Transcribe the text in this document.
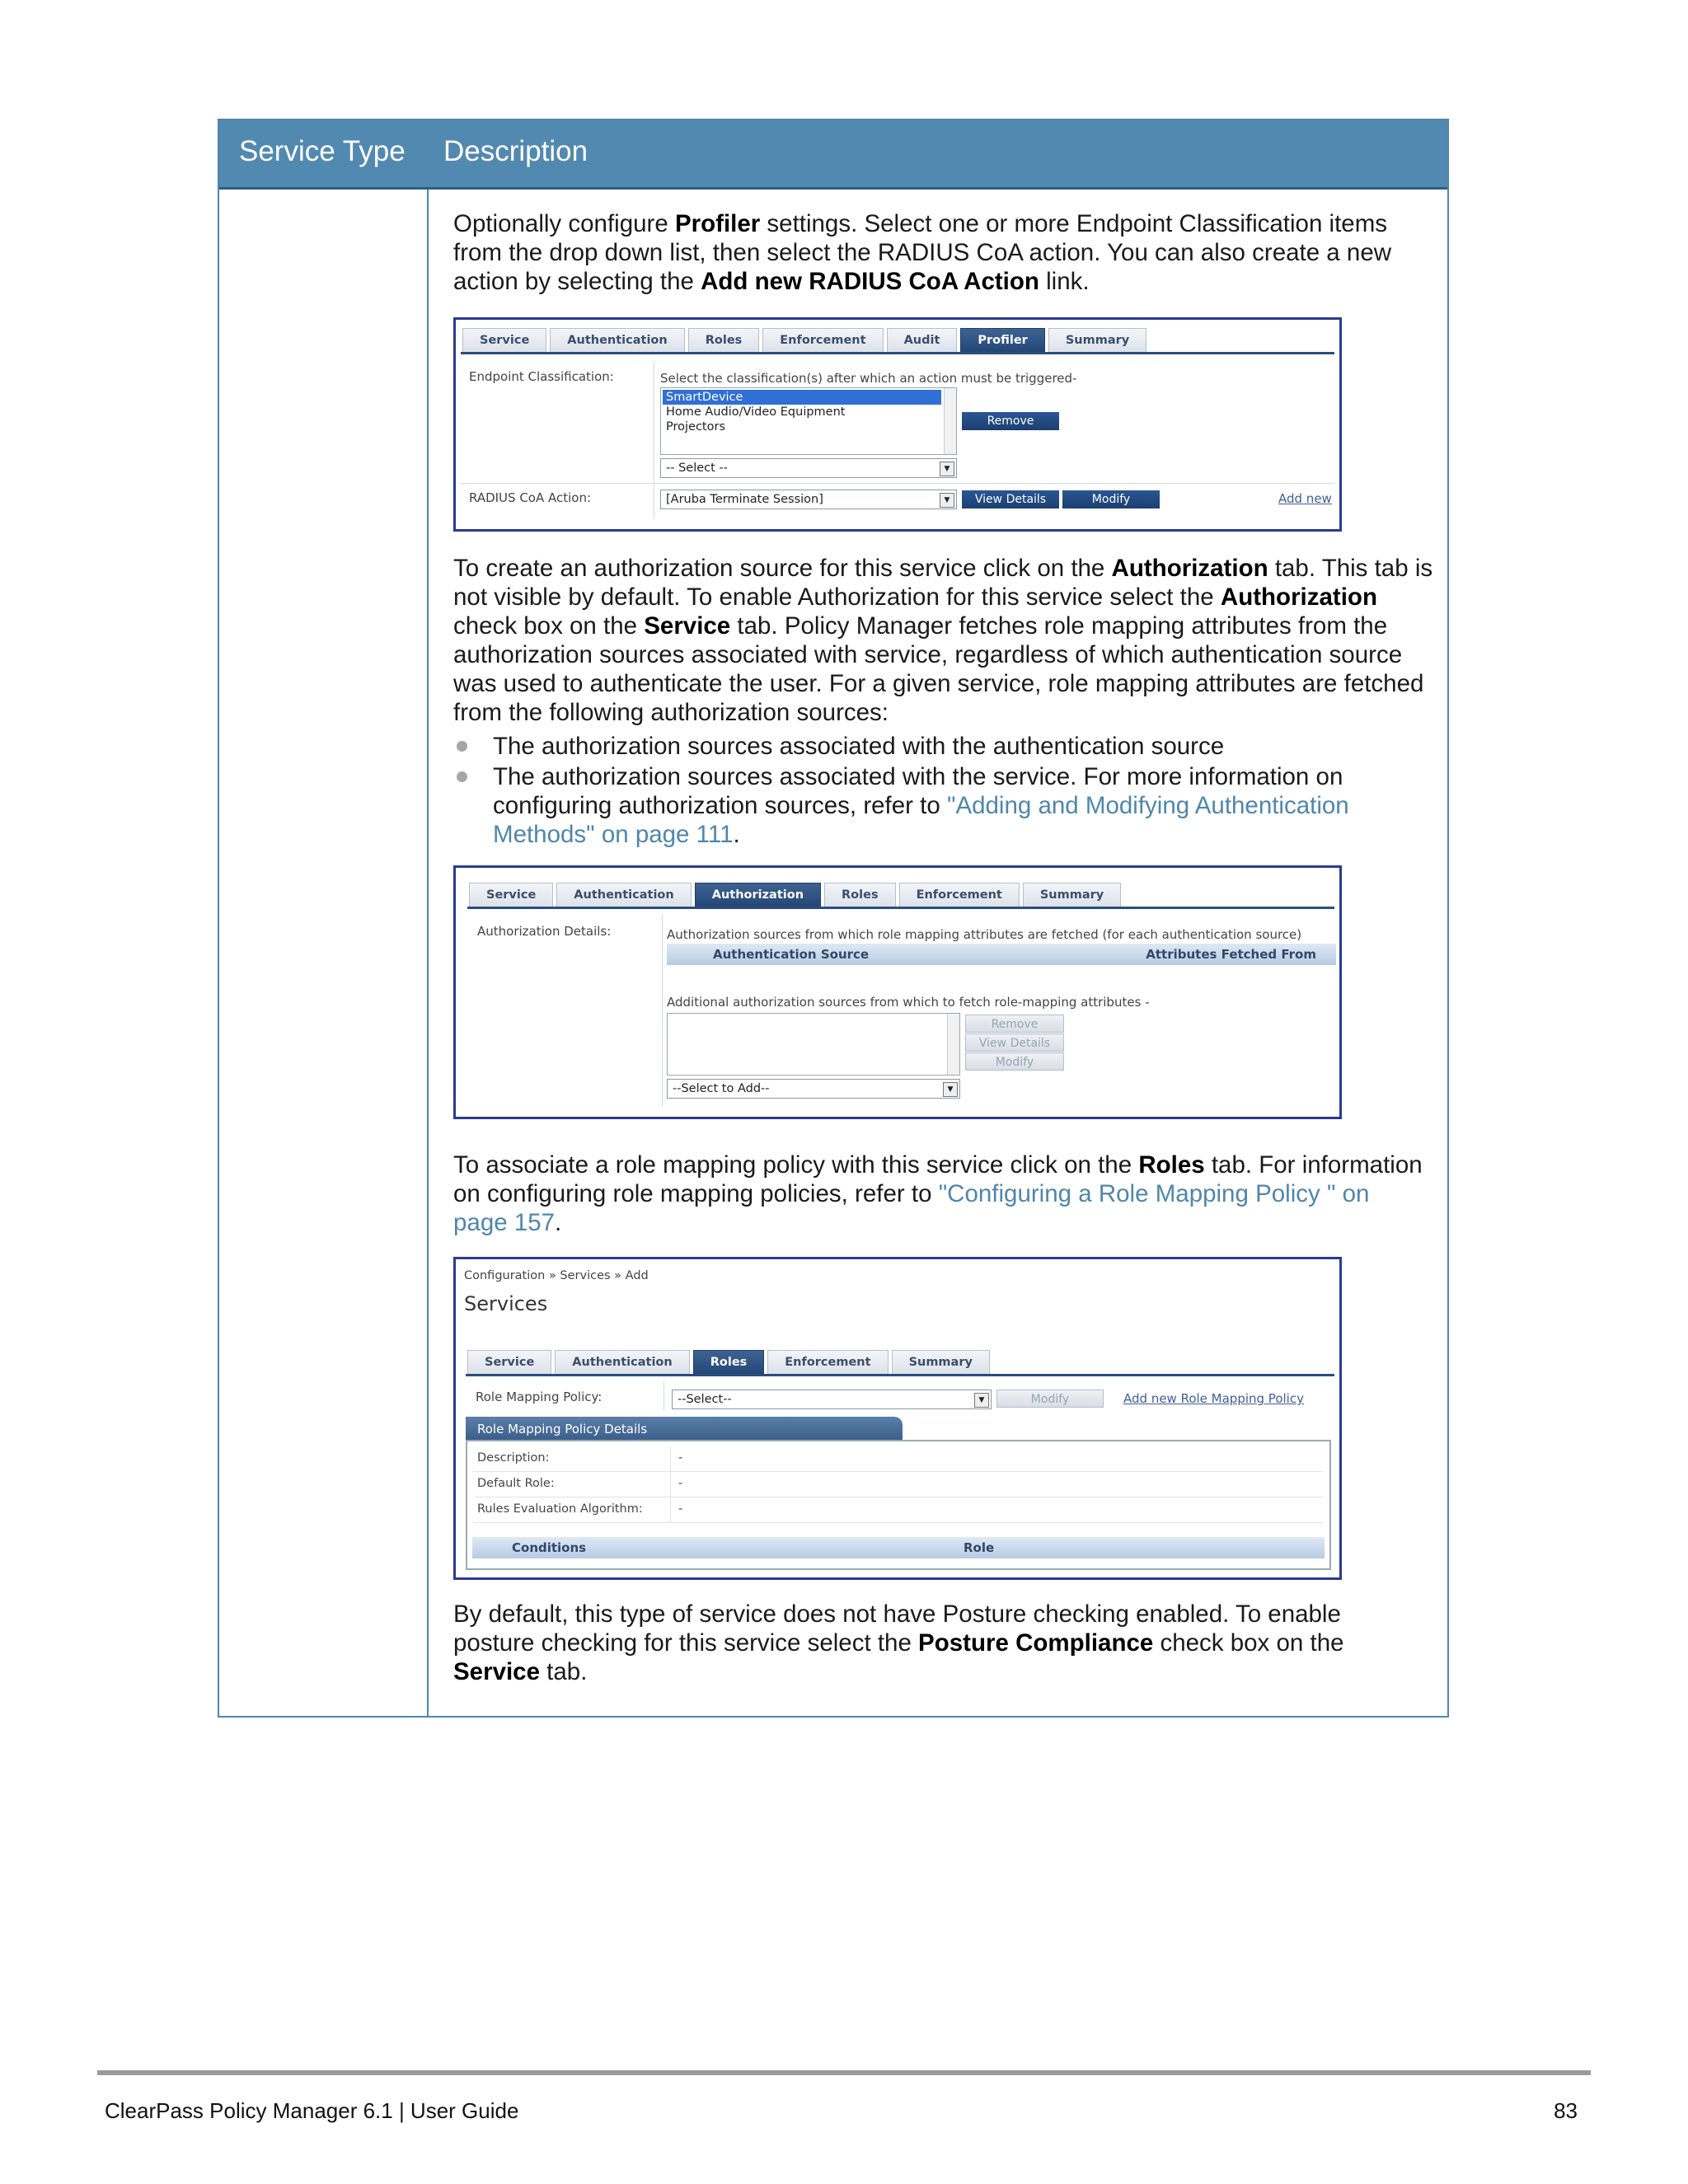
Service Type Description
Optionally configure Profiler settings. Select one or more Endpoint Classification items from the drop down list, then select the RADIUS CoA action. You can also create a new action by selecting the Add new RADIUS CoA Action link.
Service	Authentication	Roles	Enforcement	Audit	Profiler	Summary
Endpoint Classification:	Select the classification(s) after which an action must be triggered-
SmartDevice
Home Audio/Video Equipment
Projectors	Remove
-- Select --	▼
RADIUS CoA Action:	[Aruba Terminate Session]	▼	View Details	Modify	Add new
To create an authorization source for this service click on the Authorization tab. This tab is not visible by default. To enable Authorization for this service select the Authorization check box on the Service tab. Policy Manager fetches role mapping attributes from the authorization sources associated with service, regardless of which authentication source was used to authenticate the user. For a given service, role mapping attributes are fetched from the following authorization sources:
The authorization sources associated with the authentication source
The authorization sources associated with the service. For more information on configuring authorization sources, refer to "Adding and Modifying Authentication Methods" on page 111.
Service	Authentication	Authorization	Roles	Enforcement	Summary
Authorization Details:	Authorization sources from which role mapping attributes are fetched (for each authentication source)
Authentication Source	Attributes Fetched From
Additional authorization sources from which to fetch role-mapping attributes -
Remove
View Details
Modify
--Select to Add--	▼
To associate a role mapping policy with this service click on the Roles tab. For information on configuring role mapping policies, refer to "Configuring a Role Mapping Policy " on page 157.
Configuration » Services » Add
Services
Service	Authentication	Roles	Enforcement	Summary
Role Mapping Policy:	--Select--	▼	Modify	Add new Role Mapping Policy
Role Mapping Policy Details
Description:	-
Default Role:	-
Rules Evaluation Algorithm:	-
Conditions	Role
By default, this type of service does not have Posture checking enabled. To enable posture checking for this service select the Posture Compliance check box on the Service tab.
ClearPass Policy Manager 6.1 | User Guide	83
